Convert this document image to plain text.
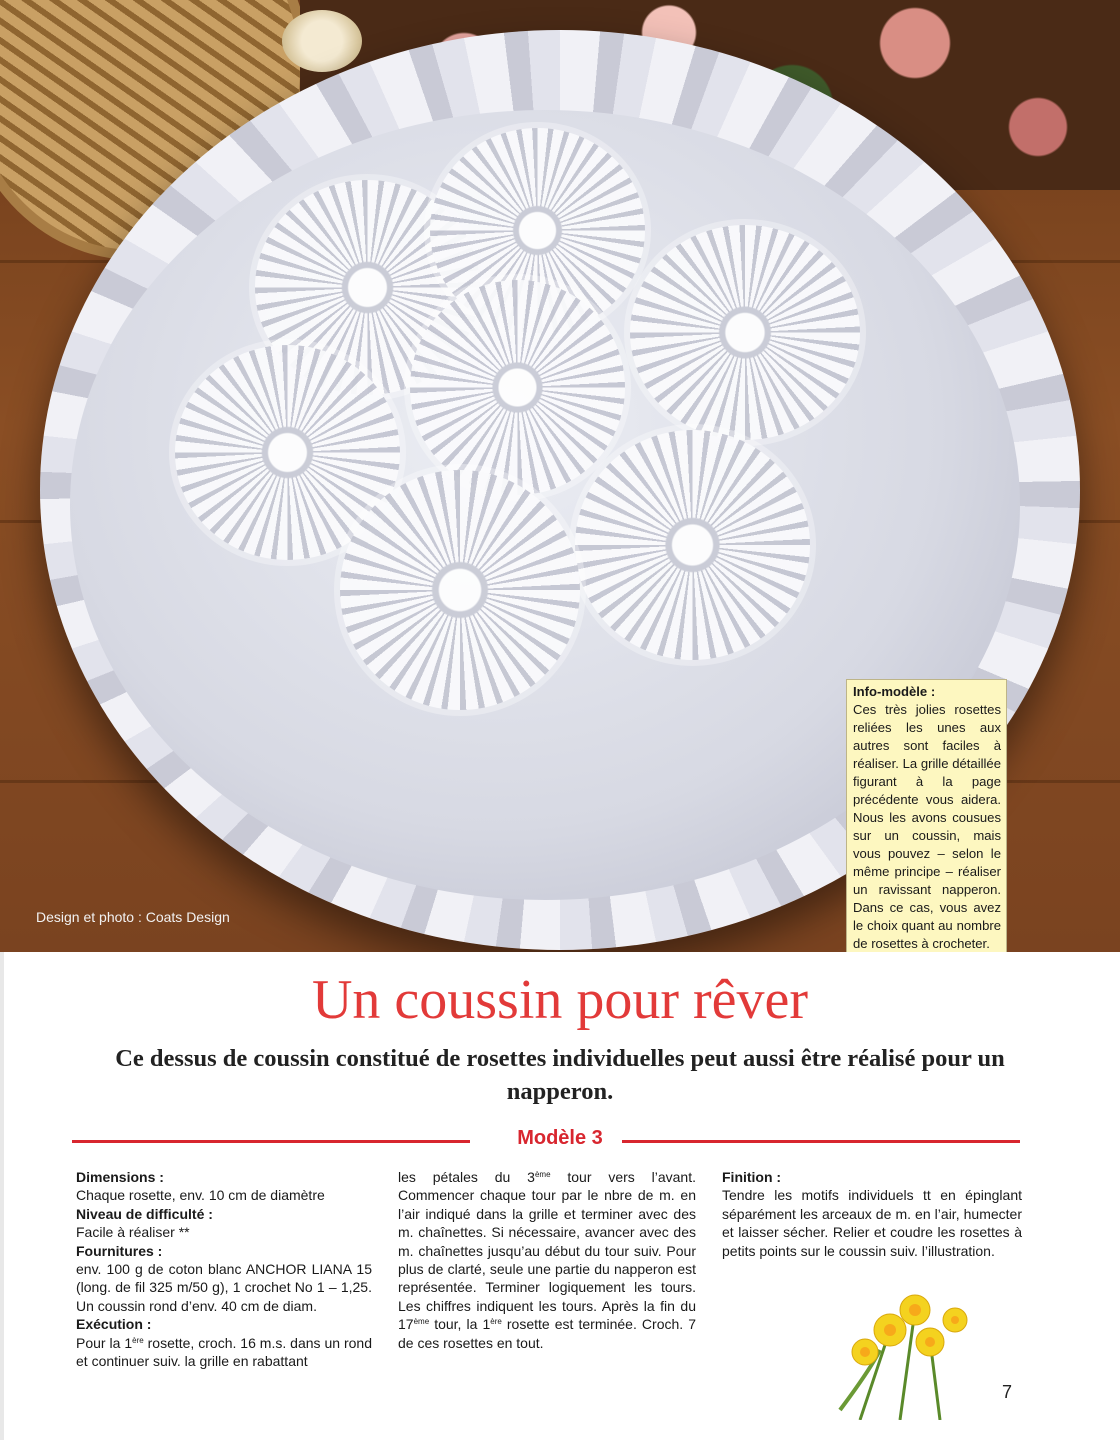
Design et photo : Coats Design
Info-modèle :
Ces très jolies rosettes reliées les unes aux autres sont faciles à réaliser. La grille détaillée figurant à la page précédente vous aidera. Nous les avons cousues sur un coussin, mais vous pouvez – selon le même principe – réaliser un ravissant napperon. Dans ce cas, vous avez le choix quant au nombre de rosettes à crocheter.
Un coussin pour rêver
Ce dessus de coussin constitué de rosettes individuelles peut aussi être réalisé pour un napperon.
Modèle 3
Dimensions :

Chaque rosette, env. 10 cm de diamètre

Niveau de difficulté :

Facile à réaliser **

Fournitures :

env. 100 g de coton blanc ANCHOR LIANA 15 (long. de fil 325 m/50 g), 1 crochet No 1 – 1,25. Un coussin rond d’env. 40 cm de diam.

Exécution :

Pour la 1ère rosette, croch. 16 m.s. dans un rond et continuer suiv. la grille en rabattant

les pétales du 3ème tour vers l’avant. Commencer chaque tour par le nbre de m. en l’air indiqué dans la grille et terminer avec des m. chaînettes. Si nécessaire, avancer avec des m. chaînettes jusqu’au début du tour suiv. Pour plus de clarté, seule une partie du napperon est représentée. Terminer logiquement les tours. Les chiffres indiquent les tours. Après la fin du 17ème tour, la 1ère rosette est terminée. Croch. 7 de ces rosettes en tout.

Finition :

Tendre les motifs individuels tt en épinglant séparément les arceaux de m. en l’air, humecter et laisser sécher. Relier et coudre les rosettes à petits points sur le coussin suiv. l’illustration.

7
